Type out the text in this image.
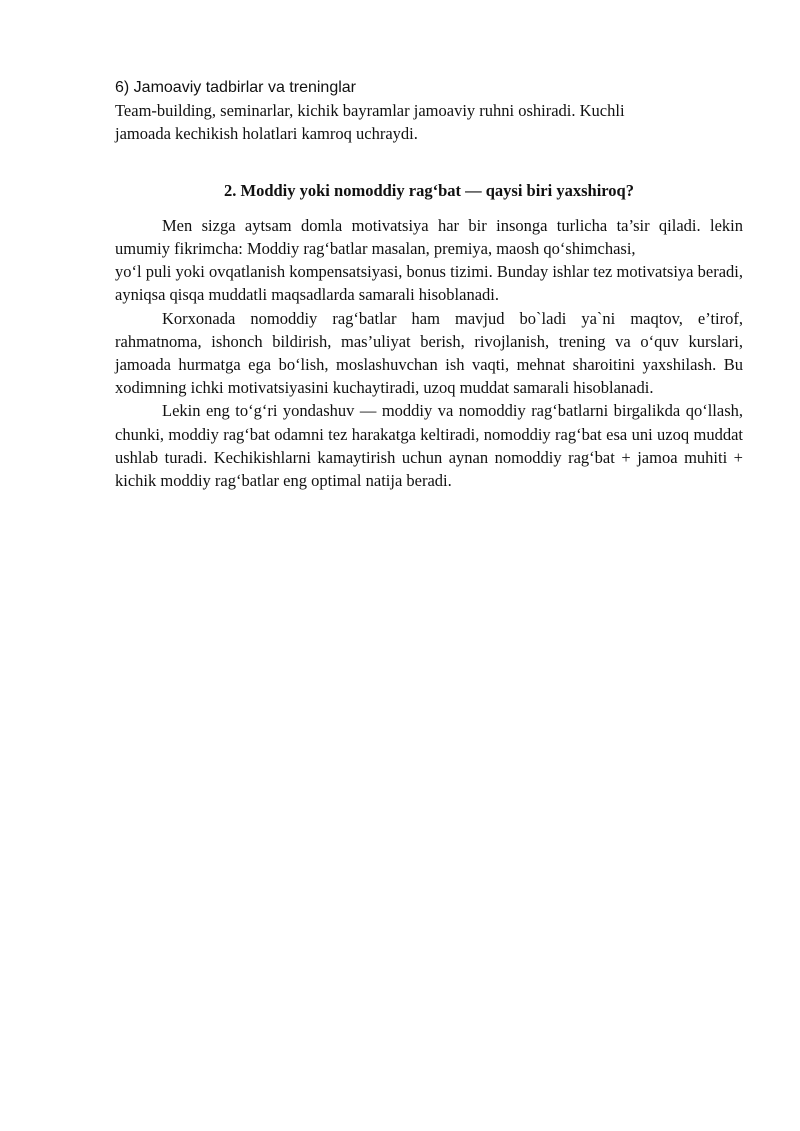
6) Jamoaviy tadbirlar va treninglar
Team-building, seminarlar, kichik bayramlar jamoaviy ruhni oshiradi. Kuchli
jamoada kechikish holatlari kamroq uchraydi.
2. Moddiy yoki nomoddiy rag‘bat — qaysi biri yaxshiroq?

Men sizga aytsam domla motivatsiya har bir insonga turlicha ta’sir qiladi. lekin umumiy fikrimcha: Moddiy rag‘batlar masalan, premiya, maosh qo‘shimchasi,

yo‘l puli yoki ovqatlanish kompensatsiyasi, bonus tizimi. Bunday ishlar tez motivatsiya beradi, ayniqsa qisqa muddatli maqsadlarda samarali hisoblanadi.

Korxonada nomoddiy rag‘batlar ham mavjud bo`ladi ya`ni maqtov, e’tirof, rahmatnoma, ishonch bildirish, mas’uliyat berish, rivojlanish, trening va o‘quv kurslari, jamoada hurmatga ega bo‘lish, moslashuvchan ish vaqti, mehnat sharoitini yaxshilash. Bu xodimning ichki motivatsiyasini kuchaytiradi, uzoq muddat samarali hisoblanadi.

Lekin eng to‘g‘ri yondashuv — moddiy va nomoddiy rag‘batlarni birgalikda qo‘llash, chunki, moddiy rag‘bat odamni tez harakatga keltiradi, nomoddiy rag‘bat esa uni uzoq muddat ushlab turadi. Kechikishlarni kamaytirish uchun aynan nomoddiy rag‘bat + jamoa muhiti + kichik moddiy rag‘batlar eng optimal natija beradi.
